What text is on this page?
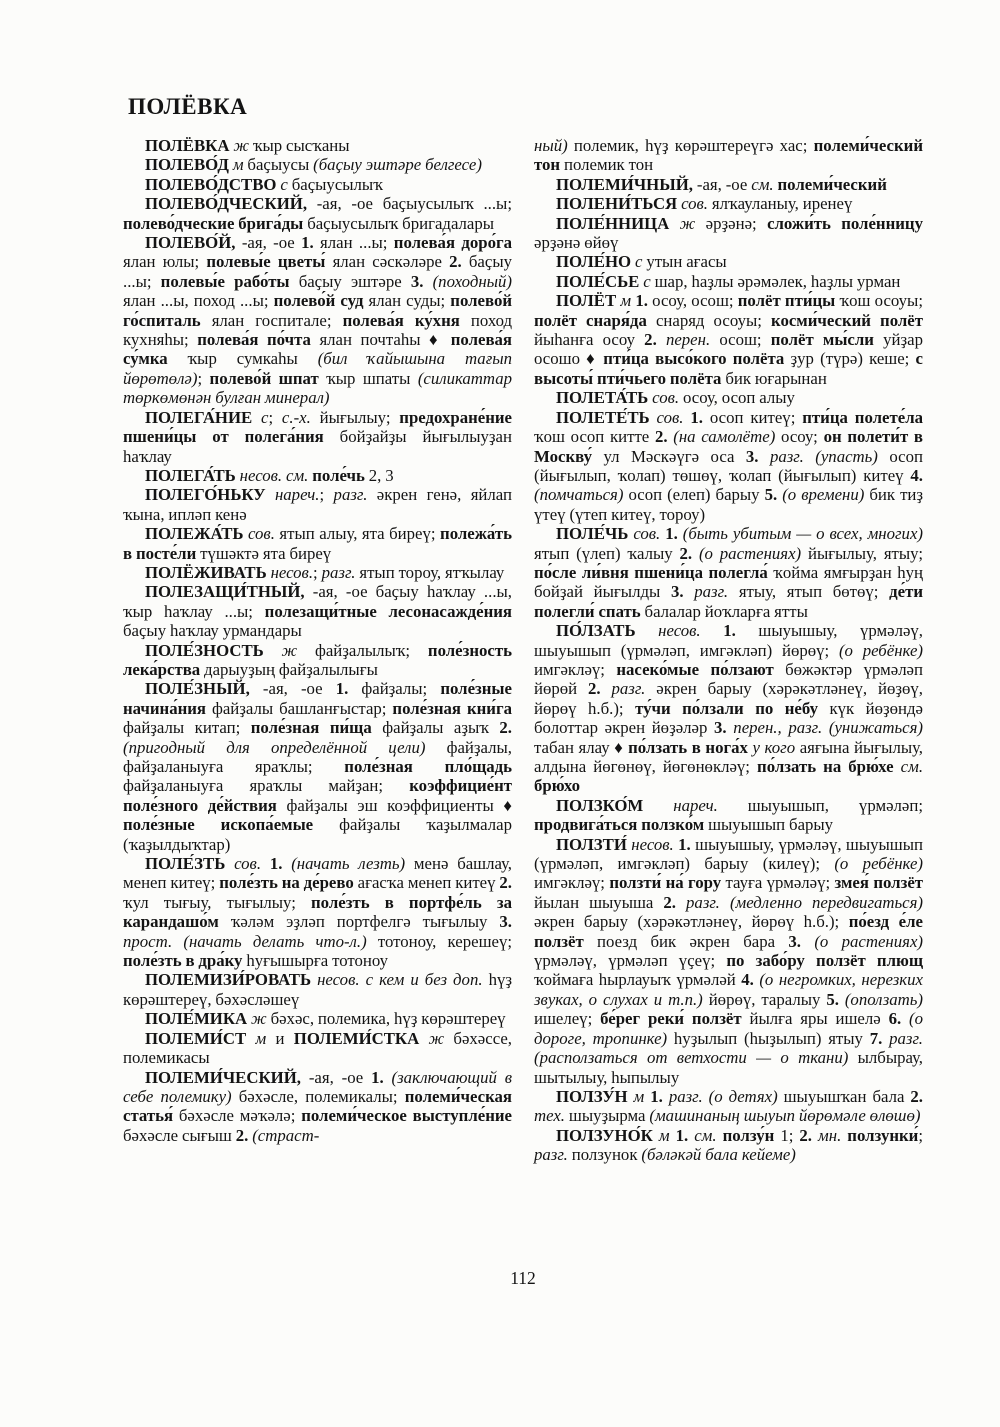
ПОЛЁВКА

ПОЛЁВКА ж ҡыр сысҡаны

ПОЛЕВО́Д м баҫыусы (баҫыу эштәре белгесе)

ПОЛЕВО́ДСТВО с баҫыусылыҡ

ПОЛЕВО́ДЧЕСКИЙ, -ая, -ое баҫыусылыҡ ...ы; полево́дческие брига́ды баҫыусылыҡ бригадалары

ПОЛЕВО́Й, -ая, -ое 1. ялан ...ы; полева́я доро́га ялан юлы; полевы́е цветы́ ялан сәскәләре 2. баҫыу ...ы; полевы́е рабо́ты баҫыу эштәре 3. (походный) ялан ...ы, поход ...ы; полево́й суд ялан суды; полево́й го́спиталь ялан госпитале; полева́я ку́хня поход кухняһы; полева́я по́чта ялан почтаһы ♦ полева́я су́мка ҡыр сумкаһы (бил ҡайышына тағып йөрөтөлә); полево́й шпат ҡыр шпаты (силикаттар төркөмөнән булған минерал)

ПОЛЕГА́НИЕ с; с.-х. йығылыу; предохране́ние пшени́цы от полега́ния бойҙайҙы йығылыуҙан һаҡлау

ПОЛЕГА́ТЬ несов. см. поле́чь 2, 3

ПОЛЕГО́НЬКУ нареч.; разг. әкрен генә, яйлап ҡына, ипләп кенә

ПОЛЕЖА́ТЬ сов. ятып алыу, ята биреү; полежа́ть в посте́ли түшәктә ята биреү

ПОЛЁЖИВАТЬ несов.; разг. ятып тороу, ятҡылау

ПОЛЕЗАЩИ́ТНЫЙ, -ая, -ое баҫыу һаҡлау ...ы, ҡыр һаҡлау ...ы; полезащи́тные лесонасажде́ния баҫыу һаҡлау урмандары

ПОЛЕ́ЗНОСТЬ ж файҙалылыҡ; поле́зность лека́рства дарыуҙың файҙалылығы

ПОЛЕ́ЗНЫЙ, -ая, -ое 1. файҙалы; поле́зные начина́ния файҙалы башланғыстар; поле́зная кни́га файҙалы китап; поле́зная пи́ща файҙалы аҙыҡ 2. (пригодный для определённой цели) файҙалы, файҙаланыуға яраҡлы; поле́зная пло́щадь файҙаланыуға яраҡлы майҙан; коэффицие́нт поле́зного де́йствия файҙалы эш коэффициенты ♦ поле́зные ископа́емые файҙалы ҡаҙылмалар (ҡаҙылдыҡтар)

ПОЛЕ́ЗТЬ сов. 1. (начать лезть) менә башлау, менеп китеү; поле́зть на де́рево ағасҡа менеп китеү 2. ҡул тығыу, тығылыу; поле́зть в портфе́ль за карандашо́м ҡәләм эҙләп портфелгә тығылыу 3. прост. (начать делать что-л.) тотоноу, керешеү; поле́зть в дра́ку һуғышырға тотоноу

ПОЛЕМИЗИ́РОВАТЬ несов. с кем и без доп. һүҙ көрәштереү, бәхәсләшеү

ПОЛЕ́МИКА ж бәхәс, полемика, һүҙ көрәштереү

ПОЛЕМИ́СТ м и ПОЛЕМИ́СТКА ж бәхәссе, полемикасы

ПОЛЕМИ́ЧЕСКИЙ, -ая, -ое 1. (заключающий в себе полемику) бәхәсле, полемикалы; полеми́ческая статья́ бәхәсле мәҡәлә; полеми́ческое выступле́ние бәхәсле сығыш 2. (страст-

ный) полемик, һүҙ көрәштереүгә хас; полеми́ческий тон полемик тон

ПОЛЕМИ́ЧНЫЙ, -ая, -ое см. полеми́ческий

ПОЛЕНИ́ТЬСЯ сов. ялҡауланыу, иренеү

ПОЛЕ́ННИЦА ж әрҙәнә; сложи́ть поле́нницу әрҙәнә өйөү

ПОЛЕ́НО с утын ағасы

ПОЛЕ́СЬЕ с шар, һаҙлы әрәмәлек, һаҙлы урман

ПОЛЁТ м 1. осоу, осош; полёт пти́цы ҡош осоуы; полёт снаря́да снаряд осоуы; косми́ческий полёт йыһанға осоу 2. перен. осош; полёт мы́сли уйҙар осошо ♦ пти́ца высо́кого полёта ҙур (түрә) кеше; с высоты́ пти́чьего полёта бик юғарынан

ПОЛЕТА́ТЬ сов. осоу, осоп алыу

ПОЛЕТЕ́ТЬ сов. 1. осоп китеү; пти́ца полете́ла ҡош осоп китте 2. (на самолёте) осоу; он полети́т в Москву́ ул Мәскәүгә оса 3. разг. (упасть) осоп (йығылып, ҡолап) төшөү, ҡолап (йығылып) китеү 4. (помчаться) осоп (елеп) барыу 5. (о времени) бик тиҙ үтеү (үтеп китеү, тороу)

ПОЛЕ́ЧЬ сов. 1. (быть убитым — о всех, многих) ятып (үлеп) ҡалыу 2. (о растениях) йығылыу, ятыу; по́сле ли́вня пшени́ца полегла́ ҡойма ямғырҙан һуң бойҙай йығылды 3. разг. ятыу, ятып бөтөү; де́ти полегли́ спать балалар йоҡларға ятты

ПО́ЛЗАТЬ несов. 1. шыуышыу, үрмәләү, шыуышып (үрмәләп, имгәкләп) йөрөү; (о ребёнке) имгәкләү; насеко́мые по́лзают бөжәктәр үрмәләп йөрөй 2. разг. әкрен барыу (хәрәкәтләнеү, йөҙөү, йөрөү һ.б.); ту́чи по́лзали по не́бу күк йөҙөндә болоттар әкрен йөҙәләр 3. перен., разг. (унижаться) табан ялау ♦ по́лзать в нога́х у кого аяғына йығылыу, алдына йөгөнөү, йөгөнөкләү; по́лзать на брю́хе см. брю́хо

ПОЛЗКО́М нареч. шыуышып, үрмәләп; продвига́ться ползко́м шыуышып барыу

ПОЛЗТИ́ несов. 1. шыуышыу, үрмәләү, шыуышып (үрмәләп, имгәкләп) барыу (килеү); (о ребёнке) имгәкләү; ползти́ на́ гору тауға үрмәләү; змея́ ползёт йылан шыуыша 2. разг. (медленно передвигаться) әкрен барыу (хәрәкәтләнеү, йөрөү һ.б.); по́езд е́ле ползёт поезд бик әкрен бара 3. (о растениях) үрмәләү, үрмәләп үҫеү; по забо́ру ползёт плющ ҡоймаға һырлауыҡ үрмәләй 4. (о негромких, нерезких звуках, о слухах и т.п.) йөрөү, таралыу 5. (оползать) ишелеү; бе́рег реки́ ползёт йылға яры ишелә 6. (о дороге, тропинке) һуҙылып (һыҙылып) ятыу 7. разг. (расползаться от ветхости — о ткани) ылбырау, шытылыу, һыпылыу

ПОЛЗУ́Н м 1. разг. (о детях) шыуышҡан бала 2. тех. шыуҙырма (машинаның шыуып йөрөмәле өлөшө)

ПОЛЗУНО́К м 1. см. ползу́н 1; 2. мн. ползунки́; разг. ползунок (бәләкәй бала кейеме)

112
